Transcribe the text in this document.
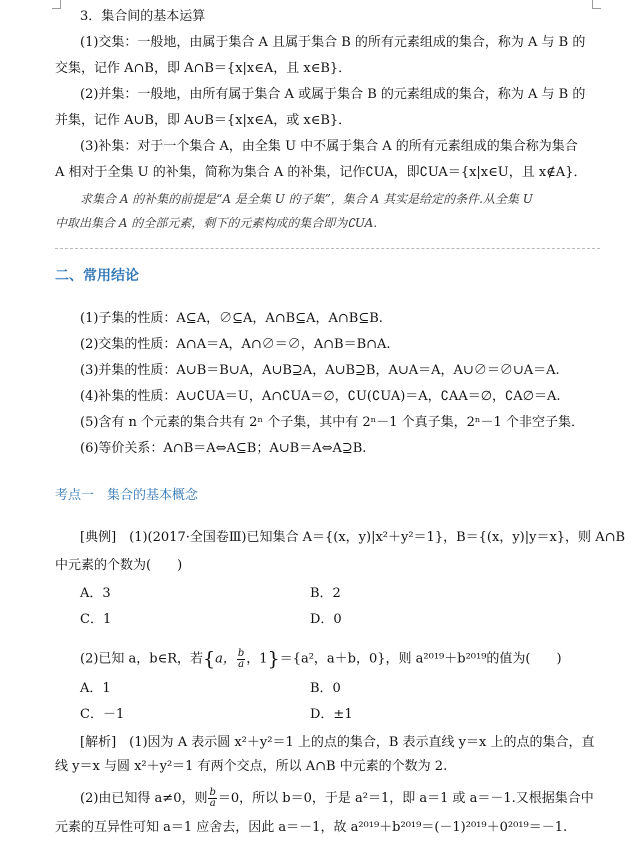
3．集合间的基本运算
(1)交集：一般地，由属于集合 A 且属于集合 B 的所有元素组成的集合，称为 A 与 B 的
交集，记作 A∩B，即 A∩B＝{x|x∈A，且 x∈B}．
(2)并集：一般地，由所有属于集合 A 或属于集合 B 的元素组成的集合，称为 A 与 B 的
并集，记作 A∪B，即 A∪B＝{x|x∈A，或 x∈B}．
(3)补集：对于一个集合 A，由全集 U 中不属于集合 A 的所有元素组成的集合称为集合
A 相对于全集 U 的补集，简称为集合 A 的补集，记作∁UA，即∁UA＝{x|x∈U，且 x∉A}．
求集合 A 的补集的前提是“A 是全集 U 的子集”，集合 A 其实是给定的条件.从全集 U
中取出集合 A 的全部元素，剩下的元素构成的集合即为∁UA.
二、常用结论
(1)子集的性质：A⊆A，∅⊆A，A∩B⊆A，A∩B⊆B.
(2)交集的性质：A∩A＝A，A∩∅＝∅，A∩B＝B∩A.
(3)并集的性质：A∪B＝B∪A，A∪B⊇A，A∪B⊇B，A∪A＝A，A∪∅＝∅∪A＝A.
(4)补集的性质：A∪∁UA＝U，A∩∁UA＝∅，∁U(∁UA)＝A，∁AA＝∅，∁A∅＝A.
(5)含有 n 个元素的集合共有 2ⁿ 个子集，其中有 2ⁿ－1 个真子集，2ⁿ－1 个非空子集．
(6)等价关系：A∩B＝A⇔A⊆B；A∪B＝A⇔A⊇B.
考点一　集合的基本概念
[典例]　(1)(2017·全国卷Ⅲ)已知集合 A＝{(x，y)|x²＋y²＝1}，B＝{(x，y)|y＝x}，则 A∩B
中元素的个数为(　　)
A．3	B．2
C．1	D．0
(2)已知 a，b∈R，若{a， $\frac{b}{a}$ ，1}＝{a²，a＋b，0}，则 a²⁰¹⁹＋b²⁰¹⁹的值为(　　)
A．1	B．0
C．－1	D．±1
[解析]　(1)因为 A 表示圆 x²＋y²＝1 上的点的集合，B 表示直线 y＝x 上的点的集合，直
线 y＝x 与圆 x²＋y²＝1 有两个交点，所以 A∩B 中元素的个数为 2.
(2)由已知得 a≠0，则 $\frac{b}{a} =0$，所以 b＝0，于是 a²＝1，即 a＝1 或 a＝－1.又根据集合中
元素的互异性可知 a＝1 应舍去，因此 a＝－1，故 a²⁰¹⁹＋b²⁰¹⁹＝(－1)²⁰¹⁹＋0²⁰¹⁹＝－1.
